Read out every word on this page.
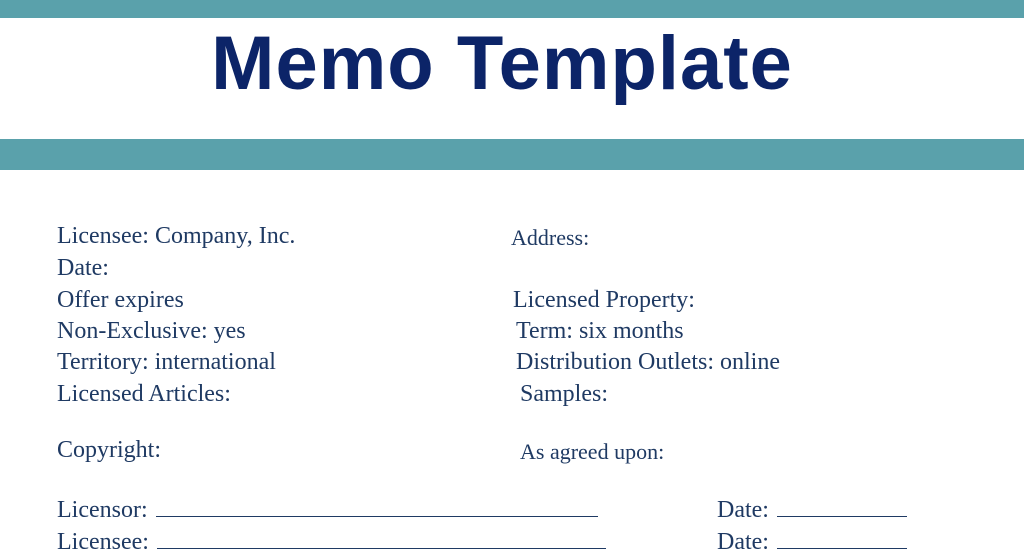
Memo Template
Licensee: Company, Inc.
Date:
Offer expires
Non-Exclusive: yes
Territory: international
Licensed Articles:
Copyright:
Address:
Licensed Property:
Term: six months
Distribution Outlets: online
Samples:
As agreed upon:
Licensor:
Licensee:
Date:
Date:
